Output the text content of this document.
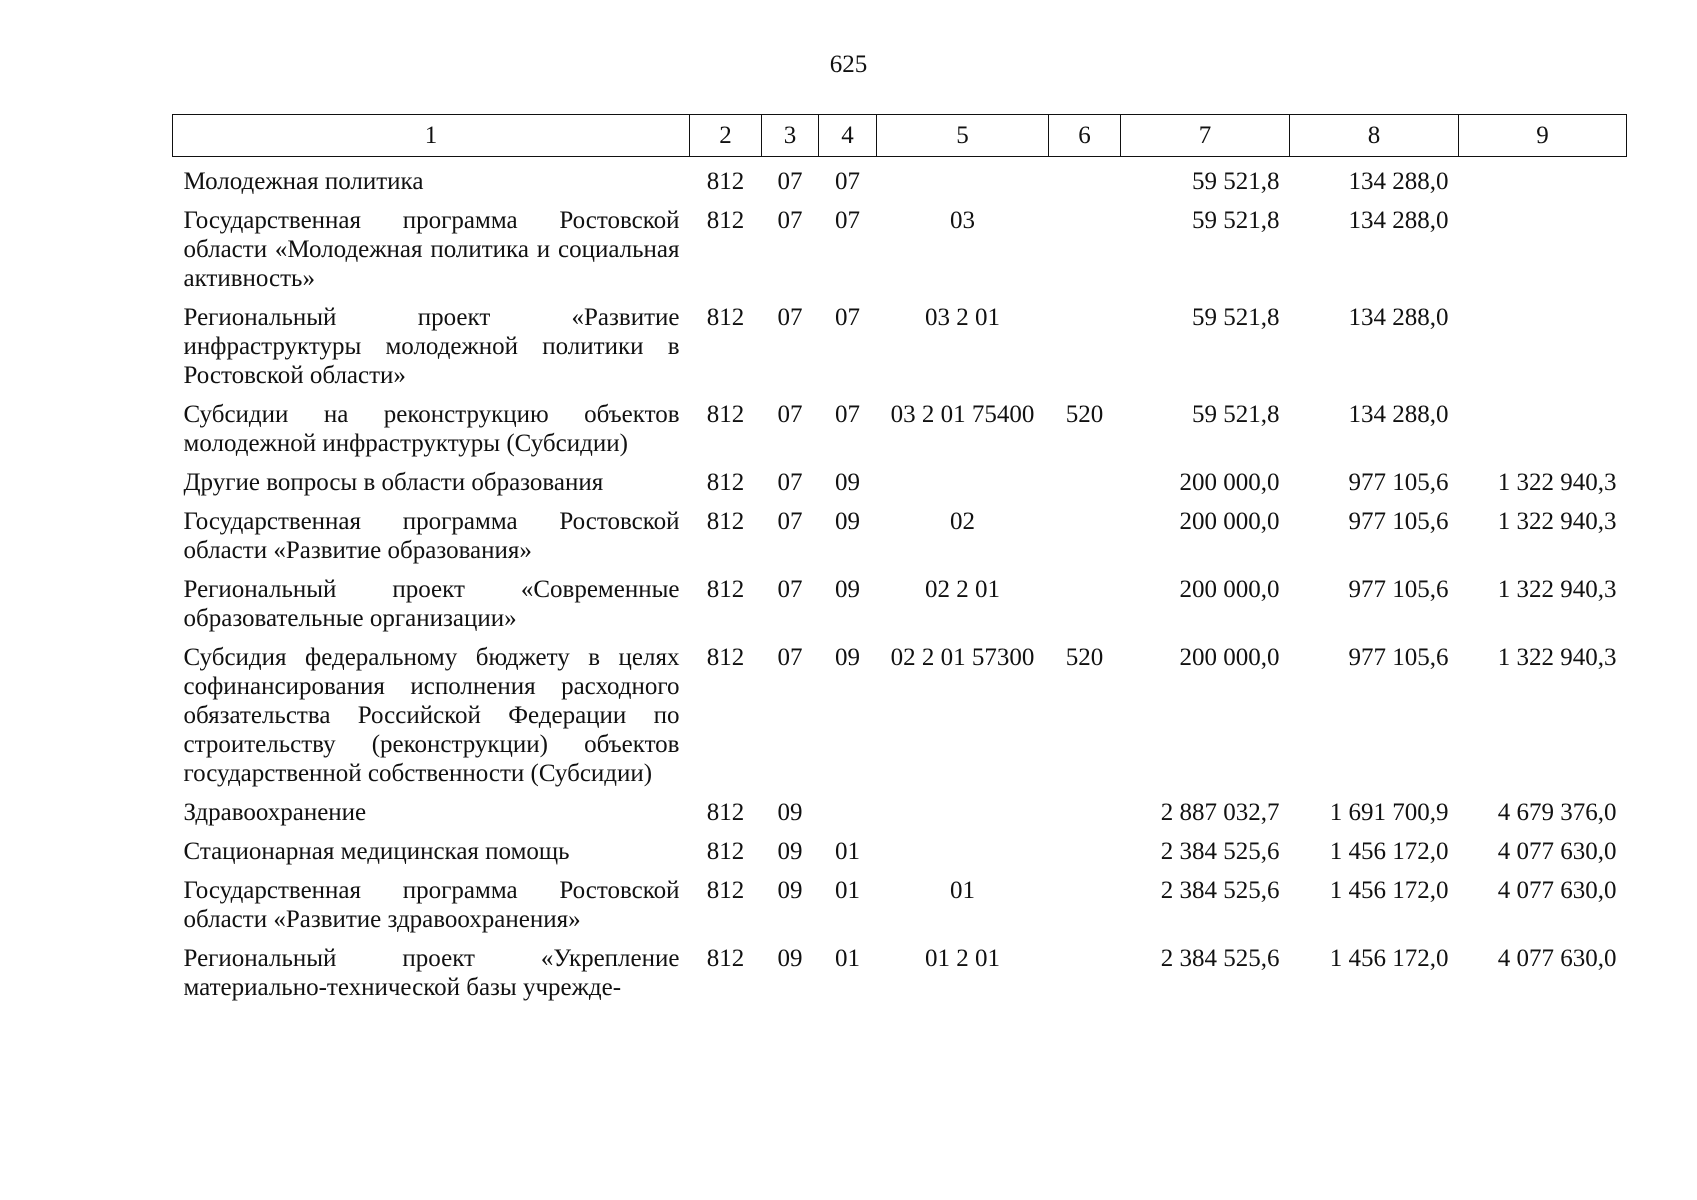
625
1	2	3	4	5	6	7	8	9
Молодежная политика	812	07	07			59 521,8	134 288,0	
Государственная программа Ростовской области «Молодежная политика и социальная активность»	812	07	07	03		59 521,8	134 288,0	
Региональный проект «Развитие инфраструктуры молодежной политики в Ростовской области»	812	07	07	03 2 01		59 521,8	134 288,0	
Субсидии на реконструкцию объектов молодежной инфраструктуры (Субсидии)	812	07	07	03 2 01 75400	520	59 521,8	134 288,0	
Другие вопросы в области образования	812	07	09			200 000,0	977 105,6	1 322 940,3
Государственная программа Ростовской области «Развитие образования»	812	07	09	02		200 000,0	977 105,6	1 322 940,3
Региональный проект «Современные образовательные организации»	812	07	09	02 2 01		200 000,0	977 105,6	1 322 940,3
Субсидия федеральному бюджету в целях софинансирования исполнения расходного обязательства Российской Федерации по строительству (реконструкции) объектов государственной собственности (Субсидии)	812	07	09	02 2 01 57300	520	200 000,0	977 105,6	1 322 940,3
Здравоохранение	812	09				2 887 032,7	1 691 700,9	4 679 376,0
Стационарная медицинская помощь	812	09	01			2 384 525,6	1 456 172,0	4 077 630,0
Государственная программа Ростовской области «Развитие здравоохранения»	812	09	01	01		2 384 525,6	1 456 172,0	4 077 630,0
Региональный проект «Укрепление материально-технической базы учрежде-	812	09	01	01 2 01		2 384 525,6	1 456 172,0	4 077 630,0
